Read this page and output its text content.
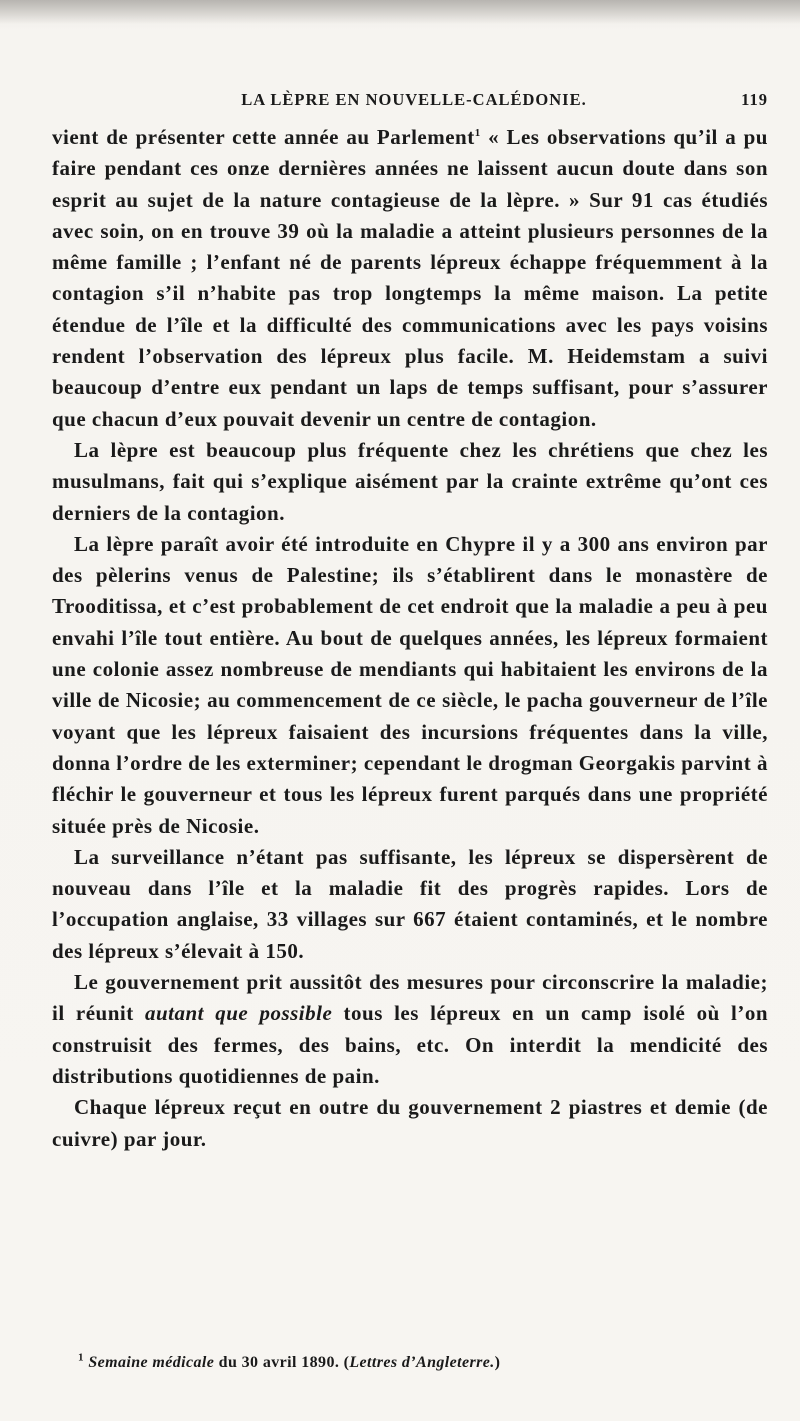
LA LÈPRE EN NOUVELLE-CALÉDONIE.	119

vient de présenter cette année au Parlement$^1$ « Les observations qu’il a pu faire pendant ces onze dernières années ne laissent aucun doute dans son esprit au sujet de la nature contagieuse de la lèpre. » Sur 91 cas étudiés avec soin, on en trouve 39 où la maladie a atteint plusieurs personnes de la même famille ; l’enfant né de parents lépreux échappe fréquemment à la contagion s’il n’habite pas trop longtemps la même maison. La petite étendue de l’île et la difficulté des communications avec les pays voisins rendent l’observation des lépreux plus facile. M. Heidemstam a suivi beaucoup d’entre eux pendant un laps de temps suffisant, pour s’assurer que chacun d’eux pouvait devenir un centre de contagion.

La lèpre est beaucoup plus fréquente chez les chrétiens que chez les musulmans, fait qui s’explique aisément par la crainte extrême qu’ont ces derniers de la contagion.

La lèpre paraît avoir été introduite en Chypre il y a 300 ans environ par des pèlerins venus de Palestine; ils s’établirent dans le monastère de Trooditissa, et c’est probablement de cet endroit que la maladie a peu à peu envahi l’île tout entière. Au bout de quelques années, les lépreux formaient une colonie assez nombreuse de mendiants qui habitaient les environs de la ville de Nicosie; au commencement de ce siècle, le pacha gouverneur de l’île voyant que les lépreux faisaient des incursions fréquentes dans la ville, donna l’ordre de les exterminer; cependant le drogman Georgakis parvint à fléchir le gouverneur et tous les lépreux furent parqués dans une propriété située près de Nicosie.

La surveillance n’étant pas suffisante, les lépreux se dispersèrent de nouveau dans l’île et la maladie fit des progrès rapides. Lors de l’occupation anglaise, 33 villages sur 667 étaient contaminés, et le nombre des lépreux s’élevait à 150.

Le gouvernement prit aussitôt des mesures pour circonscrire la maladie; il réunit autant que possible tous les lépreux en un camp isolé où l’on construisit des fermes, des bains, etc. On interdit la mendicité des distributions quotidiennes de pain.

Chaque lépreux reçut en outre du gouvernement 2 piastres et demie (de cuivre) par jour.

$^1$ Semaine médicale du 30 avril 1890. (Lettres d’Angleterre.)
